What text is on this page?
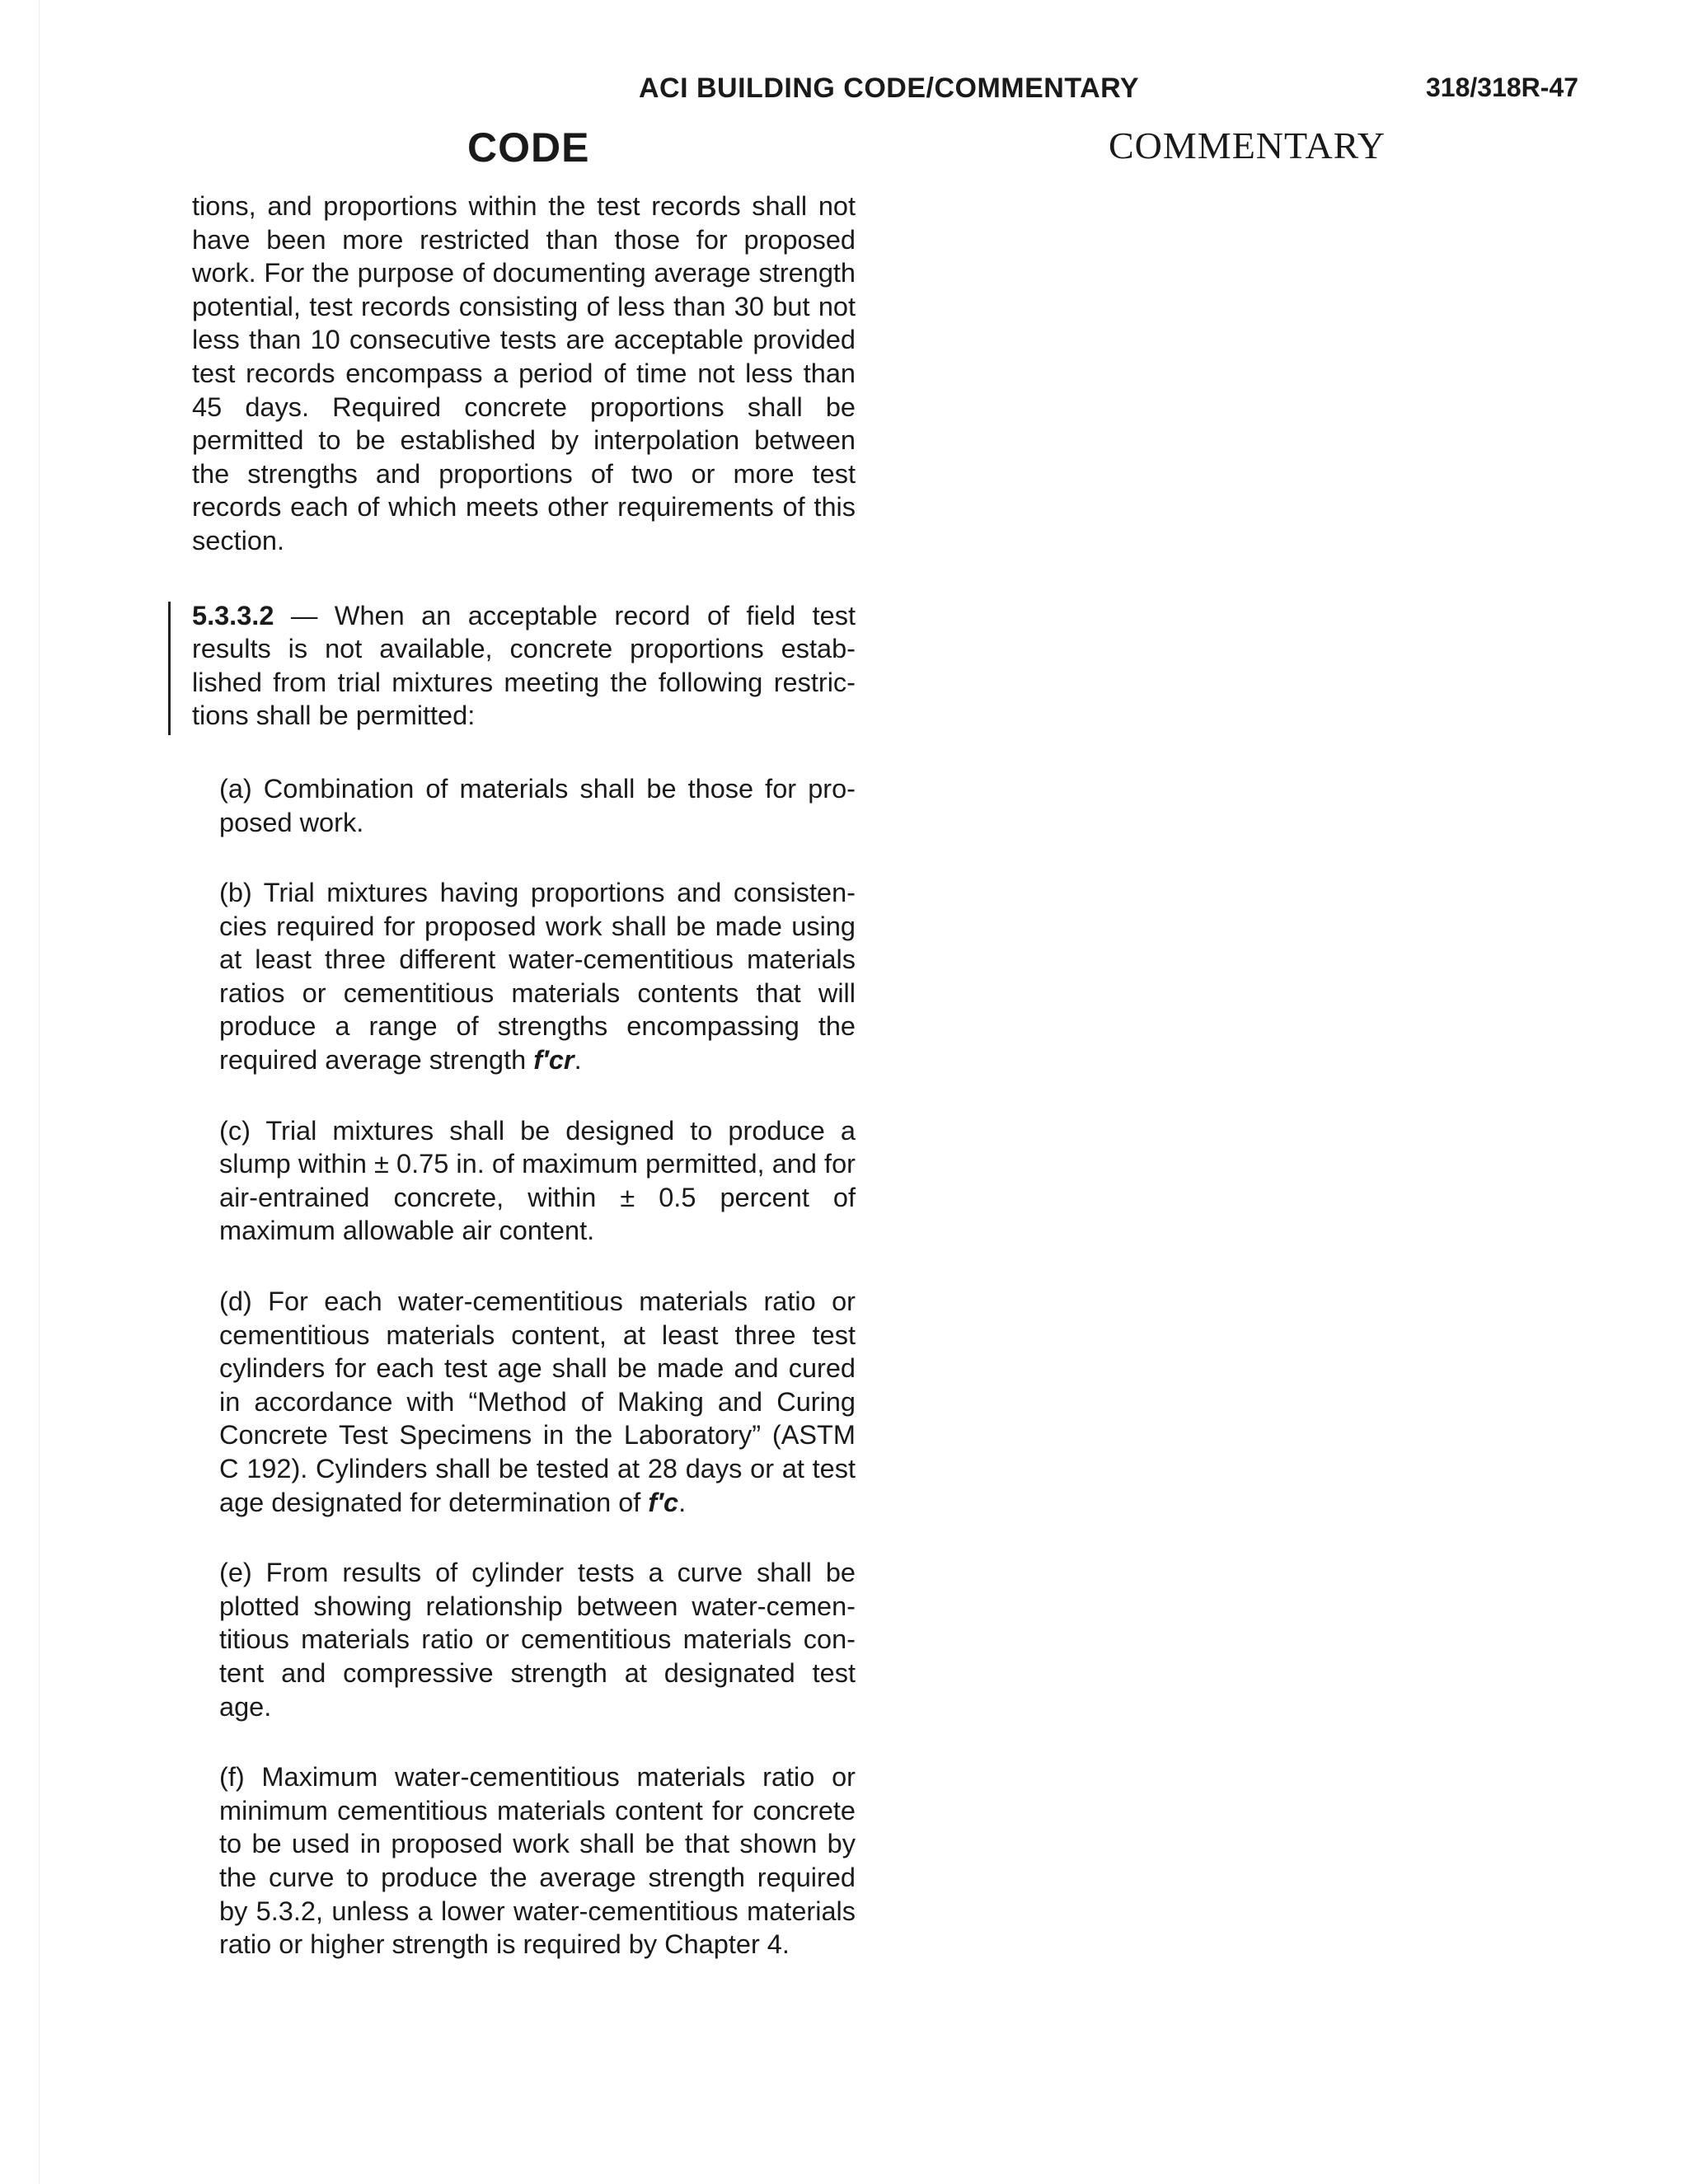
ACI BUILDING CODE/COMMENTARY	318/318R-47
CODE	COMMENTARY

tions, and proportions within the test records shall not have been more restricted than those for proposed work. For the purpose of documenting average strength potential, test records consisting of less than 30 but not less than 10 consecutive tests are acceptable provided test records encompass a period of time not less than 45 days. Required concrete proportions shall be permitted to be established by interpolation between the strengths and proportions of two or more test records each of which meets other requirements of this section.

5.3.3.2 — When an acceptable record of field test results is not available, concrete proportions established from trial mixtures meeting the following restrictions shall be permitted:

(a) Combination of materials shall be those for proposed work.

(b) Trial mixtures having proportions and consistencies required for proposed work shall be made using at least three different water-cementitious materials ratios or cementitious materials contents that will produce a range of strengths encompassing the required average strength f′cr.

(c) Trial mixtures shall be designed to produce a slump within ± 0.75 in. of maximum permitted, and for air-entrained concrete, within ± 0.5 percent of maximum allowable air content.

(d) For each water-cementitious materials ratio or cementitious materials content, at least three test cylinders for each test age shall be made and cured in accordance with “Method of Making and Curing Concrete Test Specimens in the Laboratory” (ASTM C 192). Cylinders shall be tested at 28 days or at test age designated for determination of f′c.

(e) From results of cylinder tests a curve shall be plotted showing relationship between water-cementitious materials ratio or cementitious materials content and compressive strength at designated test age.

(f) Maximum water-cementitious materials ratio or minimum cementitious materials content for concrete to be used in proposed work shall be that shown by the curve to produce the average strength required by 5.3.2, unless a lower water-cementitious materials ratio or higher strength is required by Chapter 4.
